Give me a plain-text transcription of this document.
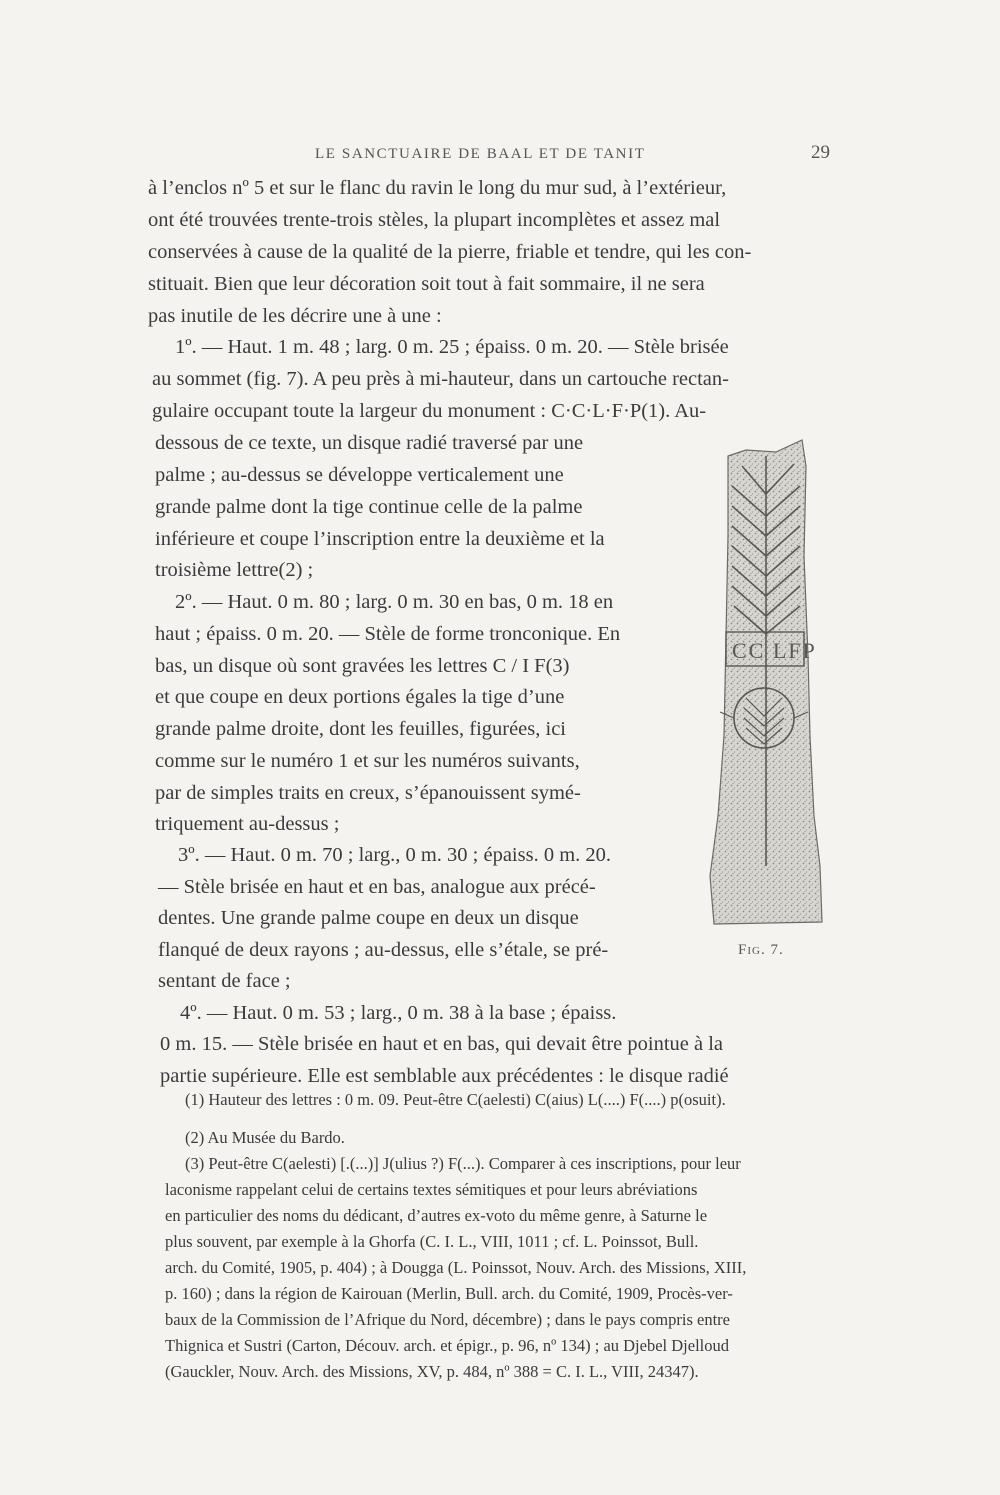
LE SANCTUAIRE DE BAAL ET DE TANIT	29
à l’enclos nº 5 et sur le flanc du ravin le long du mur sud, à l’extérieur,
ont été trouvées trente-trois stèles, la plupart incomplètes et assez mal
conservées à cause de la qualité de la pierre, friable et tendre, qui les con-
stituait. Bien que leur décoration soit tout à fait sommaire, il ne sera
pas inutile de les décrire une à une :
1º. — Haut. 1 m. 48 ; larg. 0 m. 25 ; épaiss. 0 m. 20. — Stèle brisée
au sommet (fig. 7). A peu près à mi-hauteur, dans un cartouche rectan-
gulaire occupant toute la largeur du monument : C·C·L·F·P(1). Au-
dessous de ce texte, un disque radié traversé par une
palme ; au-dessus se développe verticalement une
grande palme dont la tige continue celle de la palme
inférieure et coupe l’inscription entre la deuxième et la
troisième lettre(2) ;
2º. — Haut. 0 m. 80 ; larg. 0 m. 30 en bas, 0 m. 18 en
haut ; épaiss. 0 m. 20. — Stèle de forme tronconique. En
bas, un disque où sont gravées les lettres C / I F(3)
et que coupe en deux portions égales la tige d’une
grande palme droite, dont les feuilles, figurées, ici
comme sur le numéro 1 et sur les numéros suivants,
par de simples traits en creux, s’épanouissent symé-
triquement au-dessus ;
3º. — Haut. 0 m. 70 ; larg., 0 m. 30 ; épaiss. 0 m. 20.
— Stèle brisée en haut et en bas, analogue aux précé-
dentes. Une grande palme coupe en deux un disque
flanqué de deux rayons ; au-dessus, elle s’étale, se pré-
sentant de face ;
4º. — Haut. 0 m. 53 ; larg., 0 m. 38 à la base ; épaiss.
0 m. 15. — Stèle brisée en haut et en bas, qui devait être pointue à la
partie supérieure. Elle est semblable aux précédentes : le disque radié
CC LFP
Fig. 7.
(1) Hauteur des lettres : 0 m. 09. Peut-être C(aelesti) C(aius) L(....) F(....) p(osuit).
(2) Au Musée du Bardo.
(3) Peut-être C(aelesti) [.(...)] J(ulius ?) F(...). Comparer à ces inscriptions, pour leur
laconisme rappelant celui de certains textes sémitiques et pour leurs abréviations
en particulier des noms du dédicant, d’autres ex-voto du même genre, à Saturne le
plus souvent, par exemple à la Ghorfa (C. I. L., VIII, 1011 ; cf. L. Poinssot, Bull.
arch. du Comité, 1905, p. 404) ; à Dougga (L. Poinssot, Nouv. Arch. des Missions, XIII,
p. 160) ; dans la région de Kairouan (Merlin, Bull. arch. du Comité, 1909, Procès-ver-
baux de la Commission de l’Afrique du Nord, décembre) ; dans le pays compris entre
Thignica et Sustri (Carton, Découv. arch. et épigr., p. 96, nº 134) ; au Djebel Djelloud
(Gauckler, Nouv. Arch. des Missions, XV, p. 484, nº 388 = C. I. L., VIII, 24347).
